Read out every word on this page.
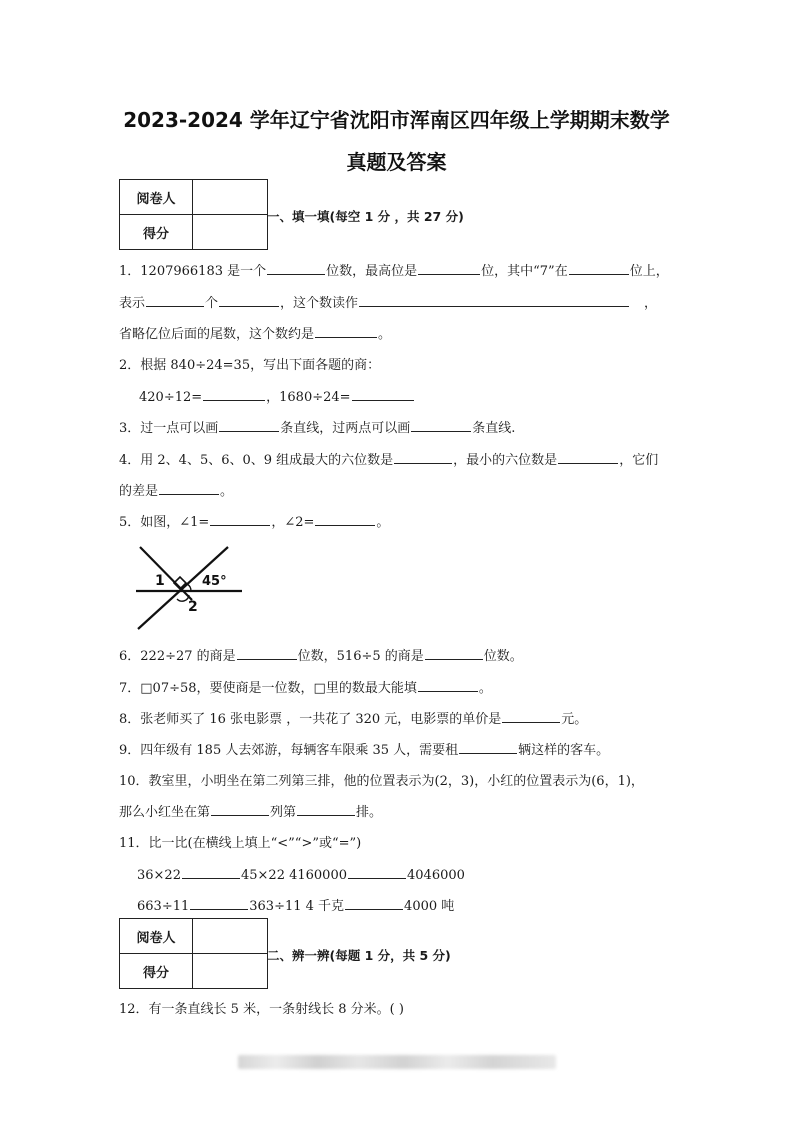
2023-2024 学年辽宁省沈阳市浑南区四年级上学期期末数学
真题及答案
阅卷人	
得分	
一、填一填(每空 1 分 ，共 27 分)
1．1207966183 是一个	位数，最高位是	位，其中“7”在	位上，
表示	个	，这个数读作	，
省略亿位后面的尾数，这个数约是	。
2．根据 840÷24=35，写出下面各题的商：
420÷12=	，1680÷24=
3．过一点可以画	条直线，过两点可以画	条直线.
4．用 2、4、5、6、0、9 组成最大的六位数是	，最小的六位数是	，它们
的差是	。
5．如图，∠1=	，∠2=	。
1	45°
2
6．222÷27 的商是	位数，516÷5 的商是	位数。
7．□07÷58，要使商是一位数，□里的数最大能填	。
8．张老师买了 16 张电影票 ，一共花了 320 元，电影票的单价是	元。
9．四年级有 185 人去郊游，每辆客车限乘 35 人，需要租	辆这样的客车。
10．教室里，小明坐在第二列第三排，他的位置表示为(2，3)，小红的位置表示为(6，1)，
那么小红坐在第	列第	排。
11．比一比(在横线上填上“<”“>”或“=”)
36×22	45×22 4160000	4046000
663÷11	363÷11 4 千克	4000 吨
阅卷人	
得分	
二、辨一辨(每题 1 分，共 5 分)
12．有一条直线长 5 米，一条射线长 8 分米。( )
